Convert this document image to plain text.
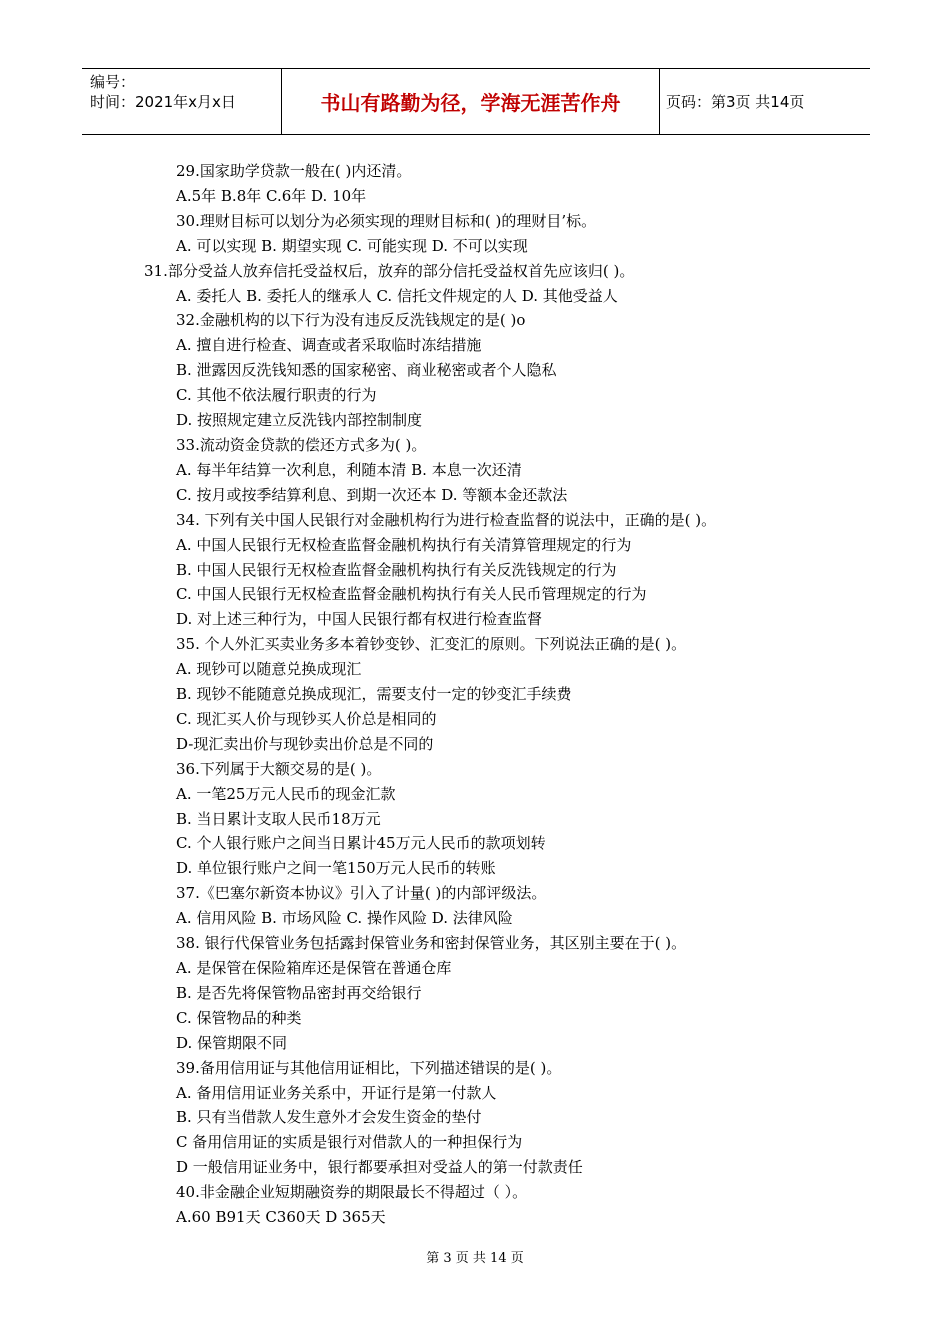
编号：
时间：2021年x月x日	书山有路勤为径，学海无涯苦作舟	页码：第3页 共14页

29.国家助学贷款一般在( )内还清。

A.5年 B.8年 C.6年 D. 10年

30.理财目标可以划分为必须实现的理财目标和( )的理财目’标。

A. 可以实现 B. 期望实现 C. 可能实现 D. 不可以实现

31.部分受益人放弃信托受益权后，放弃的部分信托受益权首先应该归( )。

A. 委托人 B. 委托人的继承人 C. 信托文件规定的人 D. 其他受益人

32.金融机构的以下行为没有违反反洗钱规定的是( )o

A. 擅自进行检查、调查或者采取临时冻结措施

B. 泄露因反洗钱知悉的国家秘密、商业秘密或者个人隐私

C. 其他不依法履行职责的行为

D. 按照规定建立反洗钱内部控制制度

33.流动资金贷款的偿还方式多为( )。

A. 每半年结算一次利息，利随本清 B. 本息一次还清

C. 按月或按季结算利息、到期一次还本 D. 等额本金还款法

34. 下列有关中国人民银行对金融机构行为进行检查监督的说法中，正确的是( )。

A. 中国人民银行无权检查监督金融机构执行有关清算管理规定的行为

B. 中国人民银行无权检查监督金融机构执行有关反洗钱规定的行为

C. 中国人民银行无权检查监督金融机构执行有关人民币管理规定的行为

D. 对上述三种行为，中国人民银行都有权进行检查监督

35. 个人外汇买卖业务多本着钞变钞、汇变汇的原则。下列说法正确的是( )。

A. 现钞可以随意兑换成现汇

B. 现钞不能随意兑换成现汇，需要支付一定的钞变汇手续费

C. 现汇买人价与现钞买人价总是相同的

D-现汇卖出价与现钞卖出价总是不同的

36.下列属于大额交易的是( )。

A. 一笔25万元人民币的现金汇款

B. 当日累计支取人民币18万元

C. 个人银行账户之间当日累计45万元人民币的款项划转

D. 单位银行账户之间一笔150万元人民币的转账

37.《巴塞尔新资本协议》引入了计量( )的内部评级法。

A. 信用风险 B. 市场风险 C. 操作风险 D. 法律风险

38. 银行代保管业务包括露封保管业务和密封保管业务，其区别主要在于( )。

A. 是保管在保险箱库还是保管在普通仓库

B. 是否先将保管物品密封再交给银行

C. 保管物品的种类

D. 保管期限不同

39.备用信用证与其他信用证相比，下列描述错误的是( )。

A. 备用信用证业务关系中，开证行是第一付款人

B. 只有当借款人发生意外才会发生资金的垫付

C 备用信用证的实质是银行对借款人的一种担保行为

D 一般信用证业务中，银行都要承担对受益人的第一付款责任

40.非金融企业短期融资券的期限最长不得超过（ ）。

A.60 B91天 C360天 D 365天

第 3 页 共 14 页
